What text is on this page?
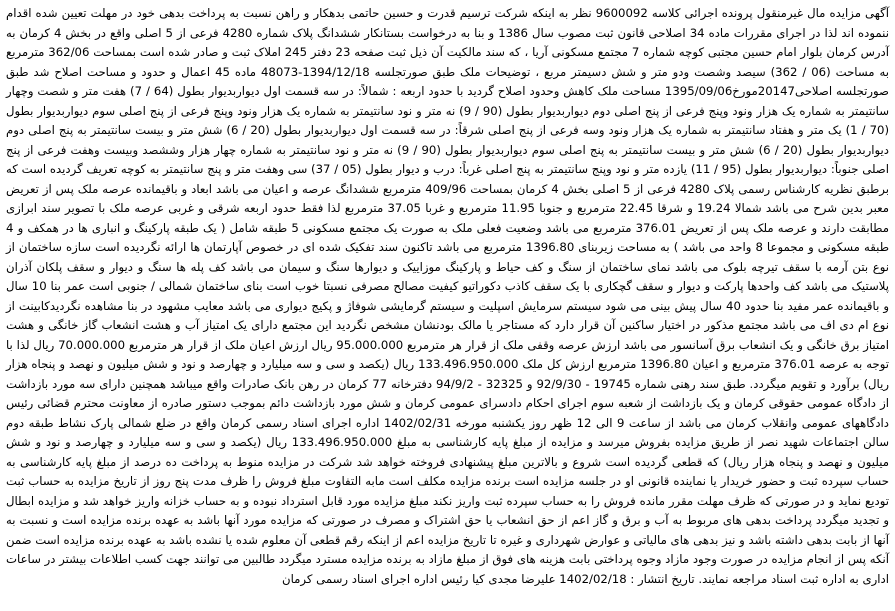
آگهی مزایده مال غیرمنقول پرونده اجرائی کلاسه 9600092 نظر به اینکه شرکت ترسیم قدرت و حسین حاتمی بدهکار و راهن نسبت به پرداخت بدهی خود در مهلت تعیین شده اقدام ننموده اند لذا در اجرای مقررات ماده 34 اصلاحی قانون ثبت مصوب سال 1386 و بنا به درخواست بستانکار ششدانگ پلاک شماره 4280 فرعی از 5 اصلی واقع در بخش 4 کرمان به آدرس کرمان بلوار امام حسین مجتبی کوچه شماره 7 مجتمع مسکونی آریا ، که سند مالکیت آن ذیل ثبت صفحه 23 دفتر 245 املاک ثبت و صادر شده است بمساحت 362/06 مترمربع به مساحت (06 / 362) سیصد وشصت ودو متر و شش دسیمتر مربع ، توضیحات ملک طبق صورتجلسه 1394/12/18-48073 ماده 45 اعمال و حدود و مساحت اصلاح شد طبق صورتجلسه اصلاحی20147مورخ1395/09/06 مساحت ملک کاهش وحدود اصلاح گردید با حدود اربعه : شمالاً: در سه قسمت اول دیواربدیوار بطول (64 / 7) هفت متر و شصت وچهار سانتیمتر به شماره یک هزار ونود وپنج فرعی از پنج اصلی دوم دیواربدیوار بطول (90 / 9) نه متر و نود سانتیمتر به شماره یک هزار ونود وپنج فرعی از پنج اصلی سوم دیواربدیوار بطول (70 / 1) یک متر و هفتاد سانتیمتر به شماره یک هزار ونود وسه فرعی از پنج اصلی شرقاً: در سه قسمت اول دیواربدیوار بطول (20 / 6) شش متر و بیست سانتیمتر به پنج اصلی دوم دیواربدیوار بطول (20 / 6) شش متر و بیست سانتیمتر به پنج اصلی سوم دیواربدیوار بطول (90 / 9) نه متر و نود سانتیمتر به شماره چهار هزار وششصد وبیست وهفت فرعی از پنج اصلی جنوباً: دیواربدیوار بطول (95 / 11) یازده متر و نود وپنج سانتیمتر به پنج اصلی غرباً: درب و دیوار بطول (05 / 37) سی وهفت متر و پنج سانتیمتر به کوچه تعریف گردیده است که برطبق نظریه کارشناس رسمی پلاک 4280 فرعی از 5 اصلی بخش 4 کرمان بمساحت 409/96 مترمربع ششدانگ عرصه و اعیان می باشد ابعاد و باقیمانده عرصه ملک پس از تعریض معبر بدین شرح می باشد شمالا 19.24 و شرقا 22.45 مترمربع و جنوبا 11.95 مترمربع و غربا 37.05 مترمربع لذا فقط حدود اربعه شرقی و غربی عرصه ملک با تصویر سند ابرازی مطابقت دارند و عرصه ملک پس از تعریض 376.01 مترمربع می باشد وضعیت فعلی ملک به صورت یک مجتمع مسکونی 5 طبقه شامل ( یک طبقه پارکینگ و انباری ها در همکف و 4 طبقه مسکونی و مجموعا 8 واحد می باشد ) به مساحت زیربنای 1396.80 مترمربع می باشد تاکنون سند تفکیک شده ای در خصوص آپارتمان ها ارائه نگردیده است سازه ساختمان از نوع بتن آرمه با سقف تیرچه بلوک می باشد نمای ساختمان از سنگ و کف حیاط و پارکینگ موزاییک و دیوارها سنگ و سیمان می باشد کف پله ها سنگ و دیوار و سقف پلکان آذران پلاستیک می باشد کف واحدها پارکت و دیوار و سقف گچکاری با یک سقف کاذب دکوراتیو کیفیت مصالح مصرفی نسبتا خوب است بنای ساختمان شمالی / جنوبی است عمر بنا 10 سال و باقیمانده عمر مفید بنا حدود 40 سال پیش بینی می شود سیستم سرمایش اسپلیت و سیستم گرمایشی شوفاژ و پکیج دیواری می باشد معایب مشهود در بنا مشاهده نگردیدکابینت از نوع ام دی اف می باشد مجتمع مذکور در اختیار ساکنین آن قرار دارد که مستاجر یا مالک بودنشان مشخص نگردید این مجتمع دارای یک امتیاز آب و هشت انشعاب گاز خانگی و هشت امتیاز برق خانگی و یک انشعاب برق آسانسور می باشد ارزش عرصه وقفی ملک از قرار هر مترمربع 95.000.000 ریال ارزش اعیان ملک از قرار هر مترمربع 70.000.000 ریال لذا با توجه به عرصه 376.01 مترمربع و اعیان 1396.80 مترمربع ارزش کل ملک 133.496.950.000 ریال (یکصد و سی و سه میلیارد و چهارصد و نود و شش میلیون و نهصد و پنجاه هزار ریال) برآورد و تقویم میگردد. طبق سند رهنی شماره 19745 - 92/9/30 و 32325 - 94/9/2 دفترخانه 77 کرمان در رهن بانک صادرات واقع میباشد همچنین دارای سه مورد بازداشت از دادگاه عمومی حقوقی کرمان و یک بازداشت از شعبه سوم اجرای احکام دادسرای عمومی کرمان و شش مورد بازداشت دائم بموجب دستور صادره از معاونت محترم قضائی رئیس دادگاههای عمومی وانقلاب کرمان می باشد از ساعت 9 الی 12 ظهر روز یکشنبه مورخه 1402/02/31 اداره اجرای اسناد رسمی کرمان واقع در ضلع شمالی پارک نشاط طبقه دوم سالن اجتماعات شهید نصر از طریق مزایده بفروش میرسد و مزایده از مبلغ پایه کارشناسی به مبلغ 133.496.950.000 ریال (یکصد و سی و سه میلیارد و چهارصد و نود و شش میلیون و نهصد و پنجاه هزار ریال) که قطعی گردیده است شروع و بالاترین مبلغ پیشنهادی فروخته خواهد شد شرکت در مزایده منوط به پرداخت ده درصد از مبلغ پایه کارشناسی به حساب سپرده ثبت و حضور خریدار یا نماینده قانونی او در جلسه مزایده است برنده مزایده مکلف است مابه التفاوت مبلغ فروش را ظرف مدت پنج روز از تاریخ مزایده به حساب ثبت تودیع نماید و در صورتی که ظرف مهلت مقرر مانده فروش را به حساب سپرده ثبت واریز نکند مبلغ مزایده مورد قابل استرداد نبوده و به حساب خزانه واریز خواهد شد و مزایده ابطال و تجدید میگردد پرداخت بدهی های مربوط به آب و برق و گاز اعم از حق انشعاب یا حق اشتراک و مصرف در صورتی که مزایده مورد آنها باشد به عهده برنده مزایده است و نسبت به آنها از بابت بدهی داشته باشد و نیز بدهی های مالیاتی و عوارض شهرداری و غیره تا تاریخ مزایده اعم از اینکه رقم قطعی آن معلوم شده یا نشده باشد به عهده برنده مزایده است ضمن آنکه پس از انجام مزایده در صورت وجود مازاد وجوه پرداختی بابت هزینه های فوق از مبلغ مازاد به برنده مزایده مسترد میگردد طالبین می توانند جهت کسب اطلاعات بیشتر در ساعات اداری به اداره ثبت اسناد مراجعه نمایند. تاریخ انتشار : 1402/02/18 علیرضا مجدی کیا رئیس اداره اجرای اسناد رسمی کرمان
